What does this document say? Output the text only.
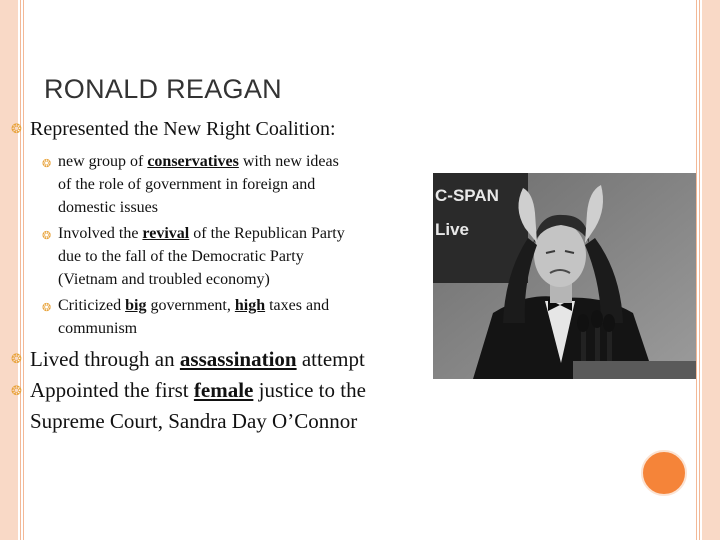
RONALD REAGAN
❂ Represented the New Right Coalition:
❂ new group of conservatives with new ideas
of the role of government in foreign and
domestic issues
❂ Involved the revival of the Republican Party
due to the fall of the Democratic Party
(Vietnam and troubled economy)
❂ Criticized big government, high taxes and
communism
❂ Lived through an assassination attempt
❂ Appointed the first female justice to the
Supreme Court, Sandra Day O’Connor
C-SPAN
Live
